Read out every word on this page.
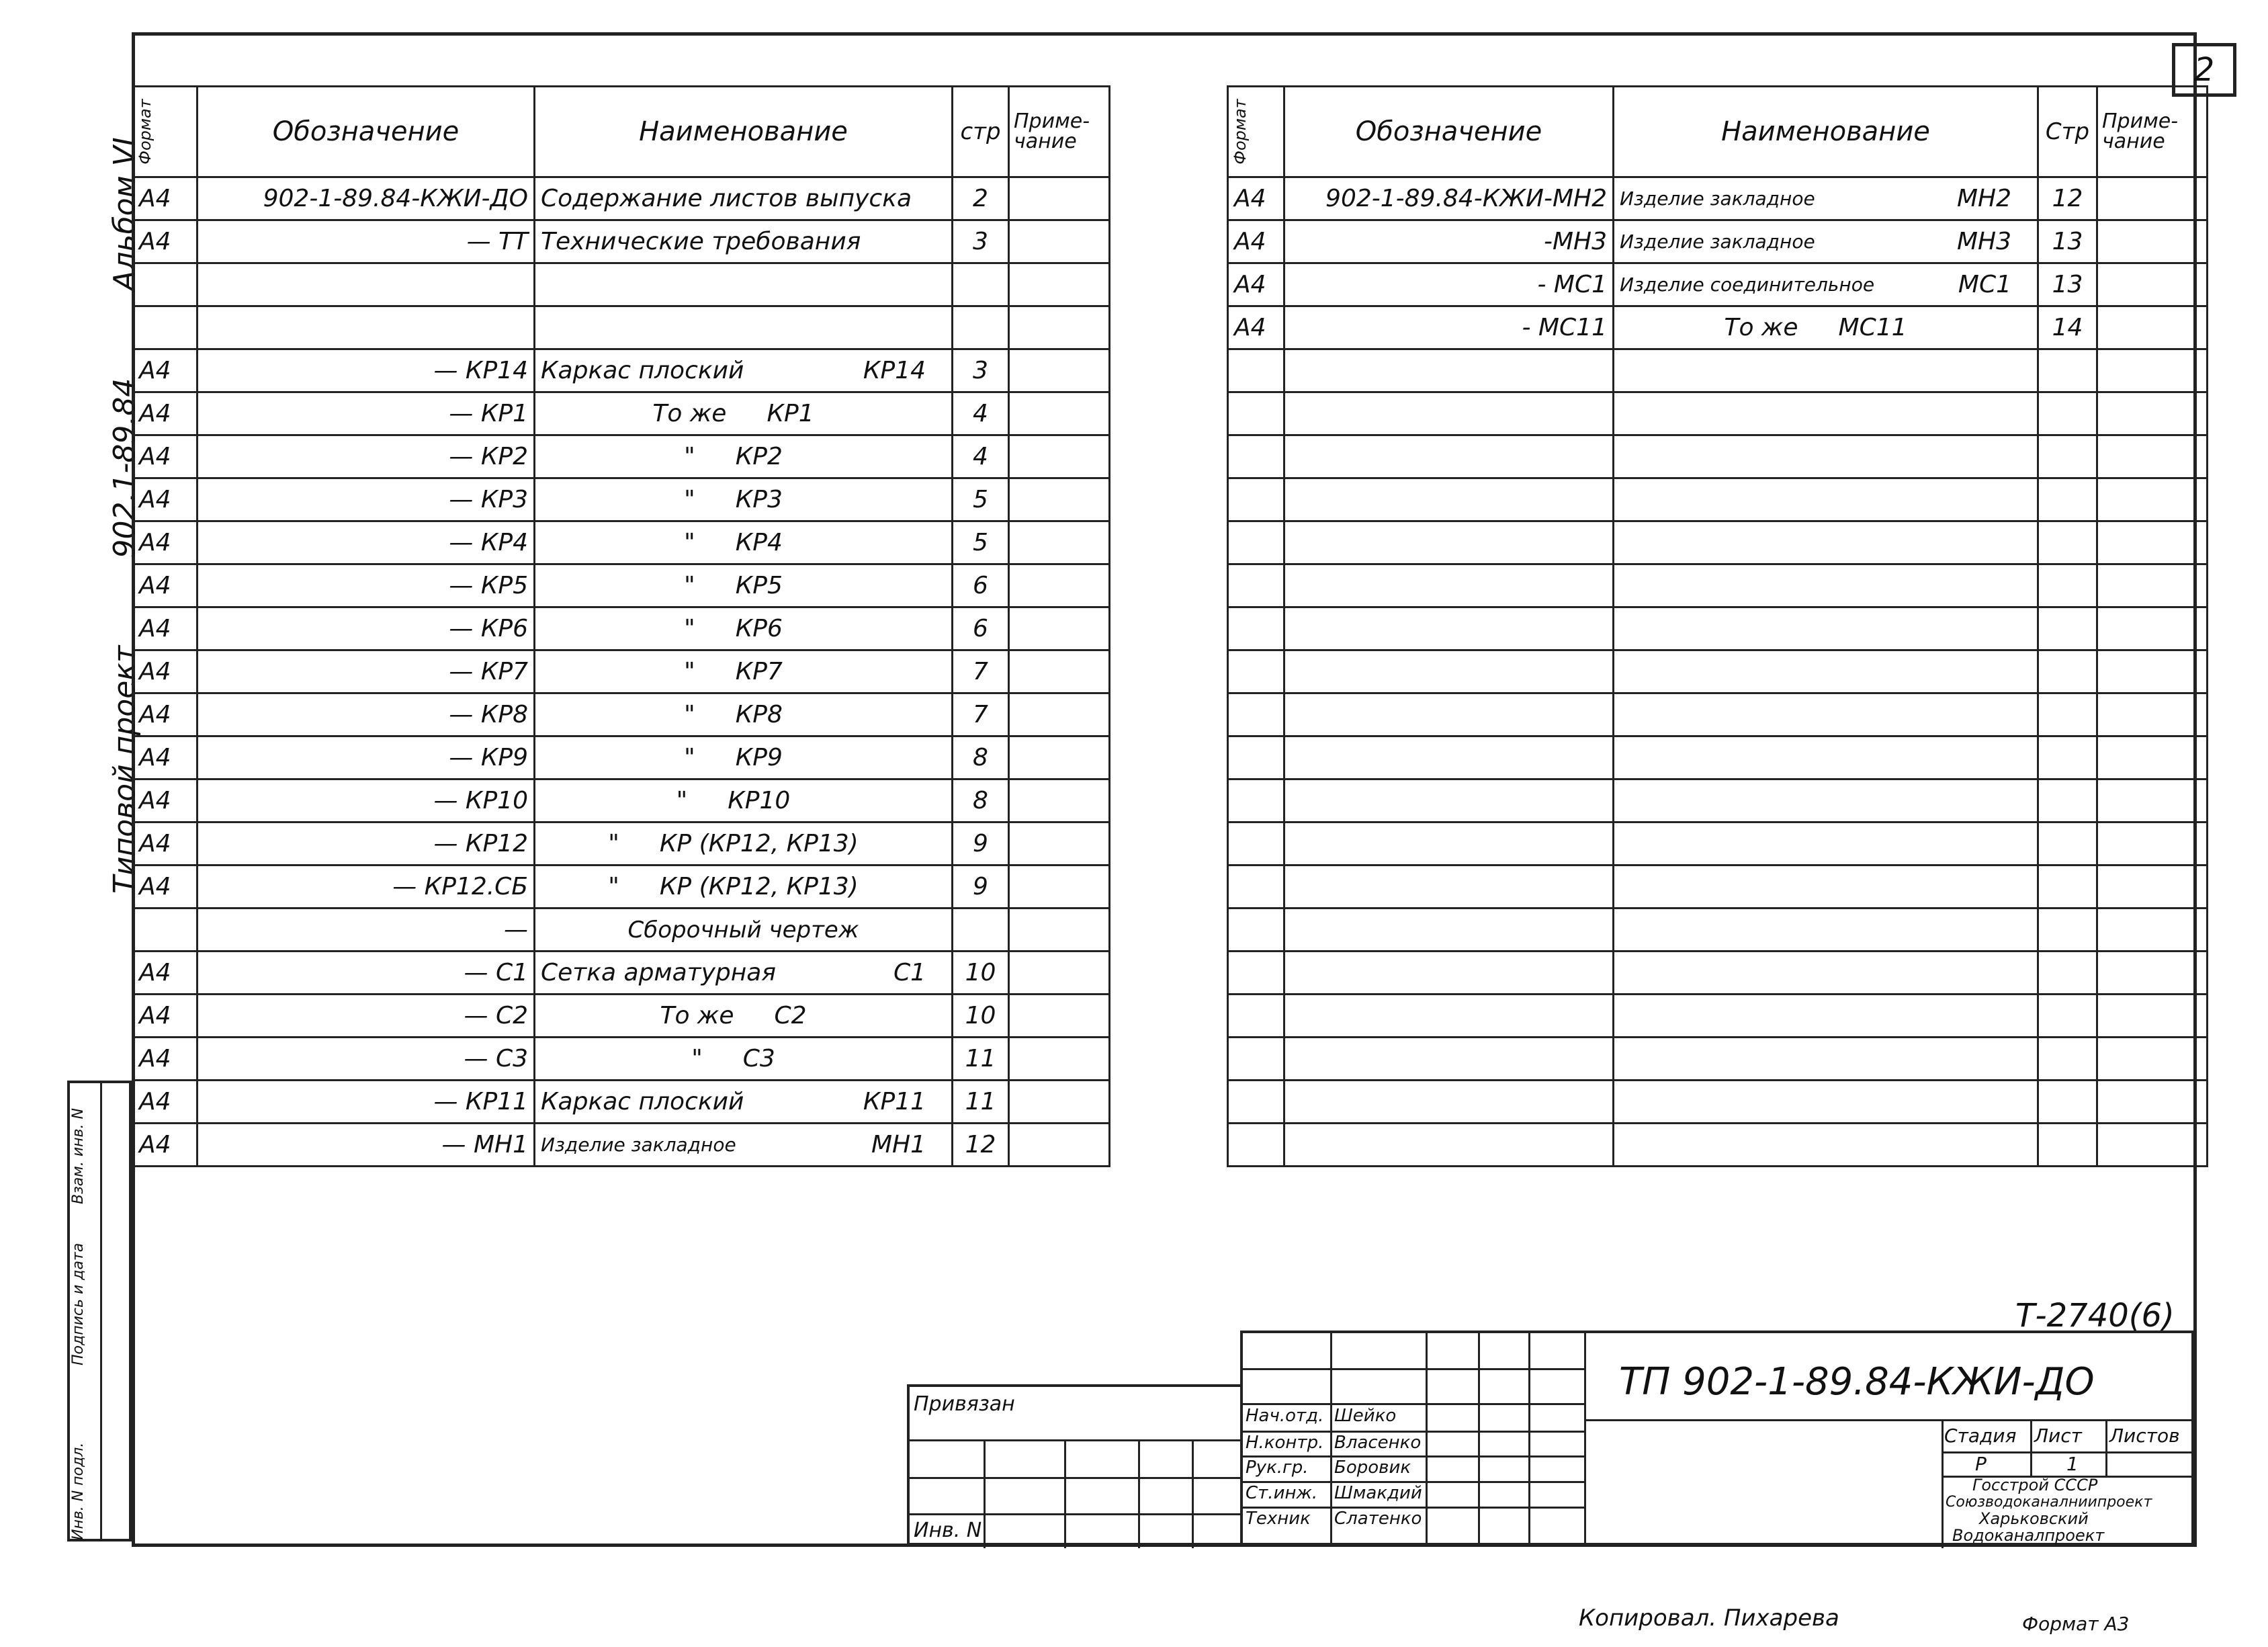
2
Типовой проект
902.1-89.84
Альбом VI
Инв. N подл.
Подпись и дата
Взам. инв. N
Формат	Обозначение	Наименование	стр	Приме- чание
А4	902-1-89.84-КЖИ-ДО	Содержание листов выпуска	2	
А4	— ТТ	Технические требования	3	

А4	— КР14	Каркас плоский КР14	3	
А4	— КР1	То же КР1	4	
А4	— КР2	" КР2	4	
А4	— КР3	" КР3	5	
А4	— КР4	" КР4	5	
А4	— КР5	" КР5	6	
А4	— КР6	" КР6	6	
А4	— КР7	" КР7	7	
А4	— КР8	" КР8	7	
А4	— КР9	" КР9	8	
А4	— КР10	" КР10	8	
А4	— КР12	" КР (КР12, КР13)	9	
А4	— КР12.СБ	" КР (КР12, КР13)	9	
	—	Сборочный чертеж		

А4	— С1	Сетка арматурная С1	10	
А4	— С2	То же С2	10	
А4	— С3	" С3	11	
А4	— КР11	Каркас плоский КР11	11	
А4	— МН1	Изделие закладное МН1	12	
Формат	Обозначение	Наименование	Стр	Приме- чание
А4	902-1-89.84-КЖИ-МН2	Изделие закладное МН2	12	
А4	-МН3	Изделие закладное МН3	13	
А4	- МС1	Изделие соединительное МС1	13	
А4	- МС11	То же МС11	14	

Т-2740(6)
Привязан
Инв. N
ТП 902-1-89.84-КЖИ-ДО
Нач.отд. Шейко
Н.контр. Власенко
Рук.гр. Боровик
Ст.инж. Шмакдий
Техник Слатенко
Стадия Лист Листов
Р	1
Госстрой СССР
Союзводоканалниипроект
Харьковский
Водоканалпроект
Копировал. Пихарева	Формат А3
